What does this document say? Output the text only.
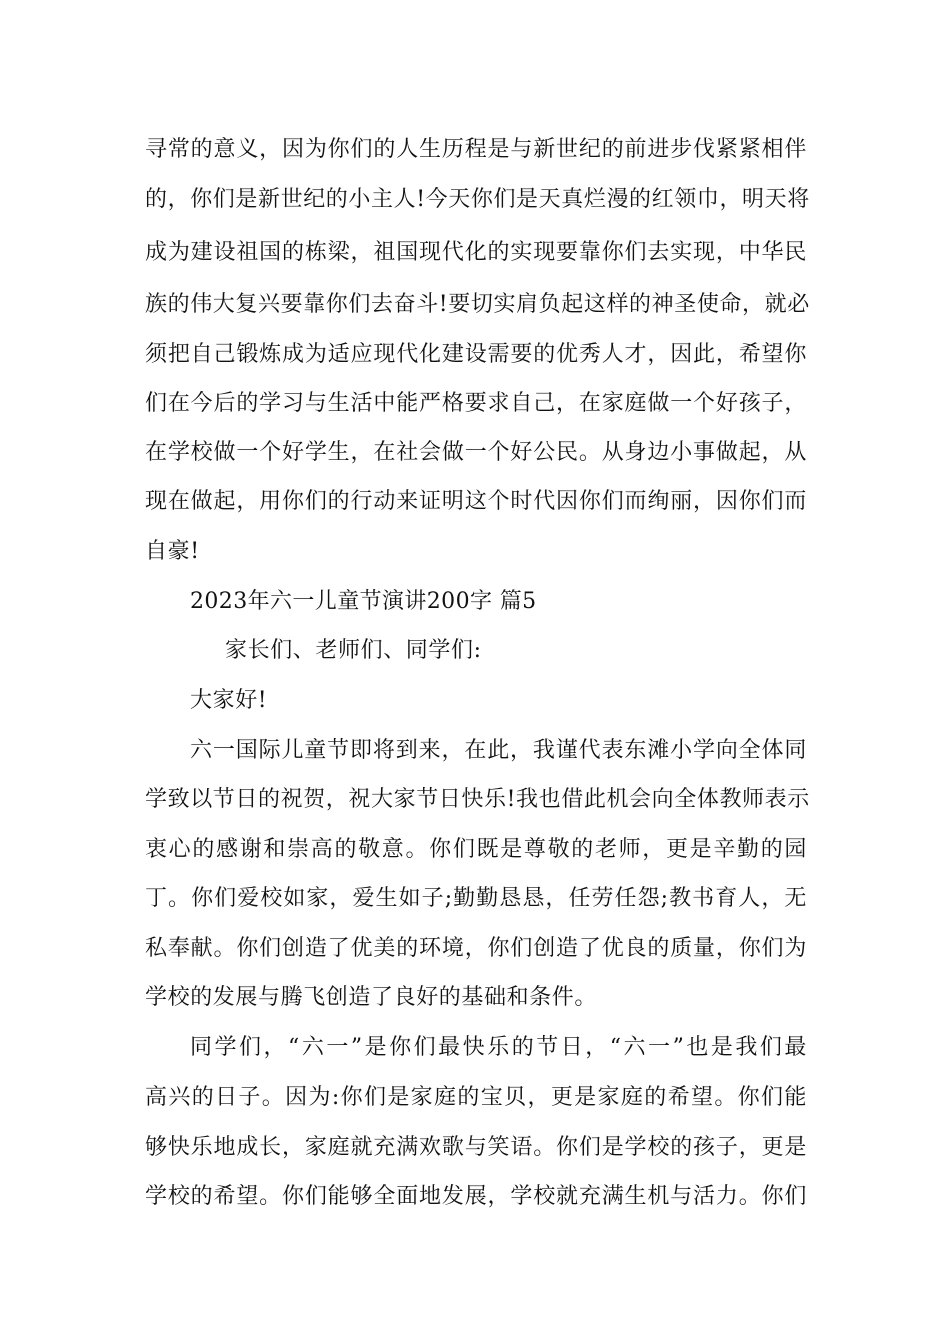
寻常的意义，因为你们的人生历程是与新世纪的前进步伐紧紧相伴
的，你们是新世纪的小主人!今天你们是天真烂漫的红领巾，明天将
成为建设祖国的栋梁，祖国现代化的实现要靠你们去实现，中华民
族的伟大复兴要靠你们去奋斗!要切实肩负起这样的神圣使命，就必
须把自己锻炼成为适应现代化建设需要的优秀人才，因此，希望你
们在今后的学习与生活中能严格要求自己，在家庭做一个好孩子，
在学校做一个好学生，在社会做一个好公民。从身边小事做起，从
现在做起，用你们的行动来证明这个时代因你们而绚丽，因你们而
自豪!
2023年六一儿童节演讲200字 篇5
家长们、老师们、同学们:
大家好!
六一国际儿童节即将到来，在此，我谨代表东滩小学向全体同
学致以节日的祝贺，祝大家节日快乐!我也借此机会向全体教师表示
衷心的感谢和崇高的敬意。你们既是尊敬的老师，更是辛勤的园
丁。你们爱校如家，爱生如子;勤勤恳恳，任劳任怨;教书育人，无
私奉献。你们创造了优美的环境，你们创造了优良的质量，你们为
学校的发展与腾飞创造了良好的基础和条件。
同学们，“六一”是你们最快乐的节日，“六一”也是我们最
高兴的日子。因为:你们是家庭的宝贝，更是家庭的希望。你们能
够快乐地成长，家庭就充满欢歌与笑语。你们是学校的孩子，更是
学校的希望。你们能够全面地发展，学校就充满生机与活力。你们
